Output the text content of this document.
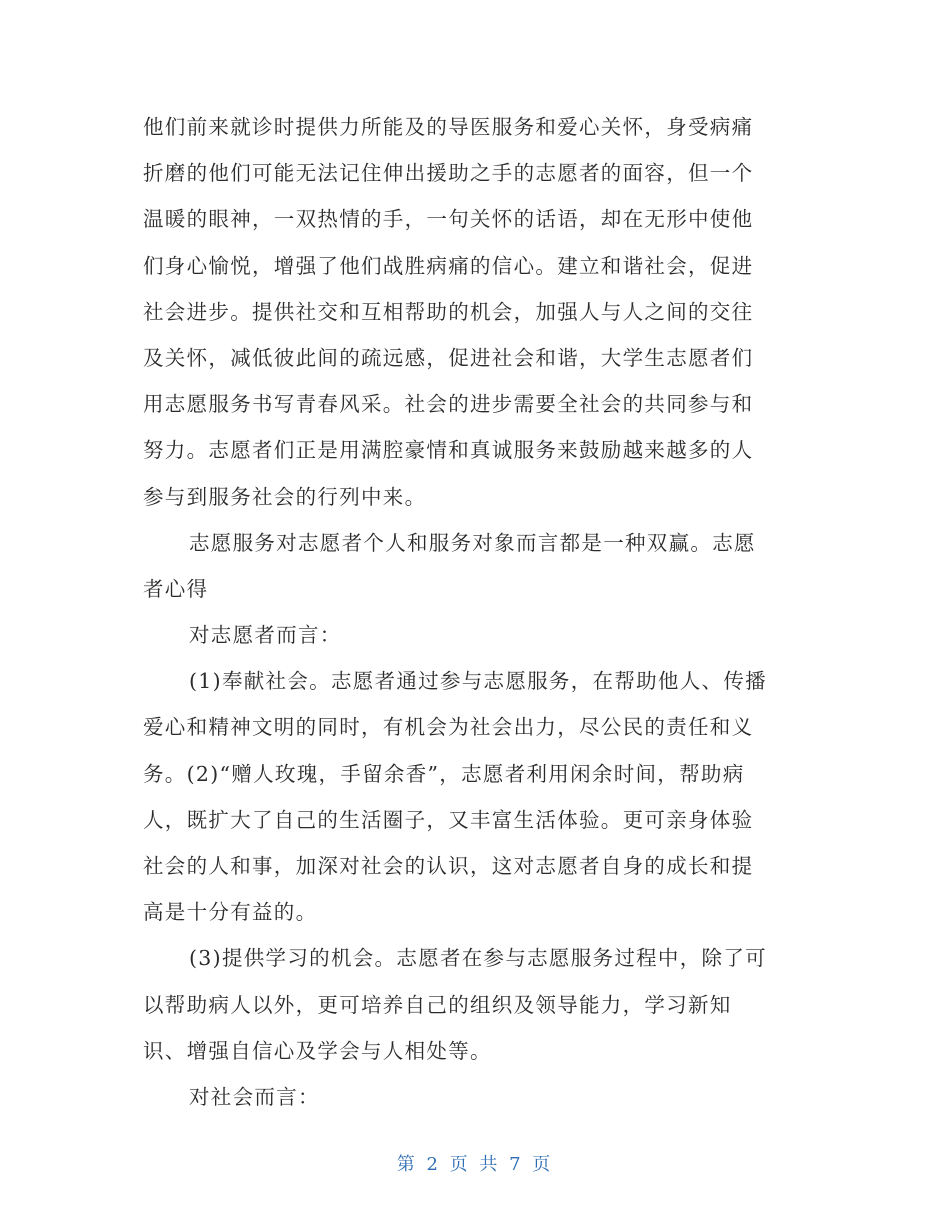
他们前来就诊时提供力所能及的导医服务和爱心关怀，身受病痛
折磨的他们可能无法记住伸出援助之手的志愿者的面容，但一个
温暖的眼神，一双热情的手，一句关怀的话语，却在无形中使他
们身心愉悦，增强了他们战胜病痛的信心。建立和谐社会，促进
社会进步。提供社交和互相帮助的机会，加强人与人之间的交往
及关怀，减低彼此间的疏远感，促进社会和谐，大学生志愿者们
用志愿服务书写青春风采。社会的进步需要全社会的共同参与和
努力。志愿者们正是用满腔豪情和真诚服务来鼓励越来越多的人
参与到服务社会的行列中来。
志愿服务对志愿者个人和服务对象而言都是一种双赢。志愿
者心得
对志愿者而言：
(1)奉献社会。志愿者通过参与志愿服务，在帮助他人、传播
爱心和精神文明的同时，有机会为社会出力，尽公民的责任和义
务。(2)“赠人玫瑰，手留余香”，志愿者利用闲余时间，帮助病
人，既扩大了自己的生活圈子，又丰富生活体验。更可亲身体验
社会的人和事，加深对社会的认识，这对志愿者自身的成长和提
高是十分有益的。
(3)提供学习的机会。志愿者在参与志愿服务过程中，除了可
以帮助病人以外，更可培养自己的组织及领导能力，学习新知
识、增强自信心及学会与人相处等。
对社会而言：
第 2 页 共 7 页
